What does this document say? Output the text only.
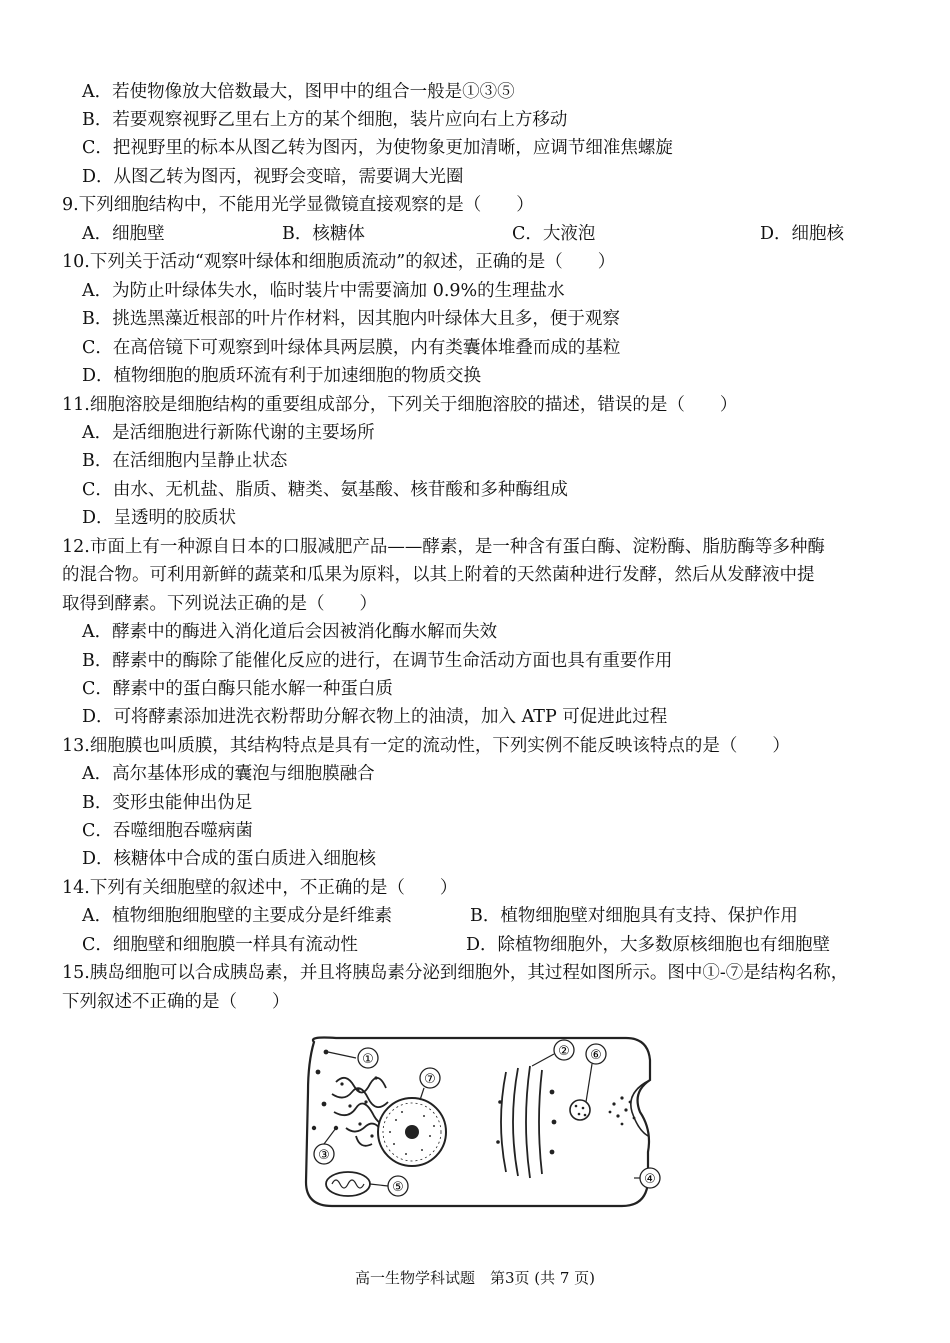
A．若使物像放大倍数最大，图甲中的组合一般是①③⑤
B．若要观察视野乙里右上方的某个细胞，装片应向右上方移动
C．把视野里的标本从图乙转为图丙，为使物象更加清晰，应调节细准焦螺旋
D．从图乙转为图丙，视野会变暗，需要调大光圈
9.下列细胞结构中，不能用光学显微镜直接观察的是（　　）
A．细胞壁	B．核糖体	C．大液泡	D．细胞核
10.下列关于活动“观察叶绿体和细胞质流动”的叙述，正确的是（　　）
A．为防止叶绿体失水，临时装片中需要滴加 0.9%的生理盐水
B．挑选黑藻近根部的叶片作材料，因其胞内叶绿体大且多，便于观察
C．在高倍镜下可观察到叶绿体具两层膜，内有类囊体堆叠而成的基粒
D．植物细胞的胞质环流有利于加速细胞的物质交换
11.细胞溶胶是细胞结构的重要组成部分，下列关于细胞溶胶的描述，错误的是（　　）
A．是活细胞进行新陈代谢的主要场所
B．在活细胞内呈静止状态
C．由水、无机盐、脂质、糖类、氨基酸、核苷酸和多种酶组成
D．呈透明的胶质状
12.市面上有一种源自日本的口服减肥产品——酵素，是一种含有蛋白酶、淀粉酶、脂肪酶等多种酶
的混合物。可利用新鲜的蔬菜和瓜果为原料，以其上附着的天然菌种进行发酵，然后从发酵液中提
取得到酵素。下列说法正确的是（　　）
A．酵素中的酶进入消化道后会因被消化酶水解而失效
B．酵素中的酶除了能催化反应的进行，在调节生命活动方面也具有重要作用
C．酵素中的蛋白酶只能水解一种蛋白质
D．可将酵素添加进洗衣粉帮助分解衣物上的油渍，加入 ATP 可促进此过程
13.细胞膜也叫质膜，其结构特点是具有一定的流动性，下列实例不能反映该特点的是（　　）
A．高尔基体形成的囊泡与细胞膜融合
B．变形虫能伸出伪足
C．吞噬细胞吞噬病菌
D．核糖体中合成的蛋白质进入细胞核
14.下列有关细胞壁的叙述中，不正确的是（　　）
A．植物细胞细胞壁的主要成分是纤维素	B．植物细胞壁对细胞具有支持、保护作用
C．细胞壁和细胞膜一样具有流动性	D．除植物细胞外，大多数原核细胞也有细胞壁
15.胰岛细胞可以合成胰岛素，并且将胰岛素分泌到细胞外，其过程如图所示。图中①-⑦是结构名称，
下列叙述不正确的是（　　）
①
③
⑦
⑤
② ⑥
④
高一生物学科试题　第3页 (共 7 页)
